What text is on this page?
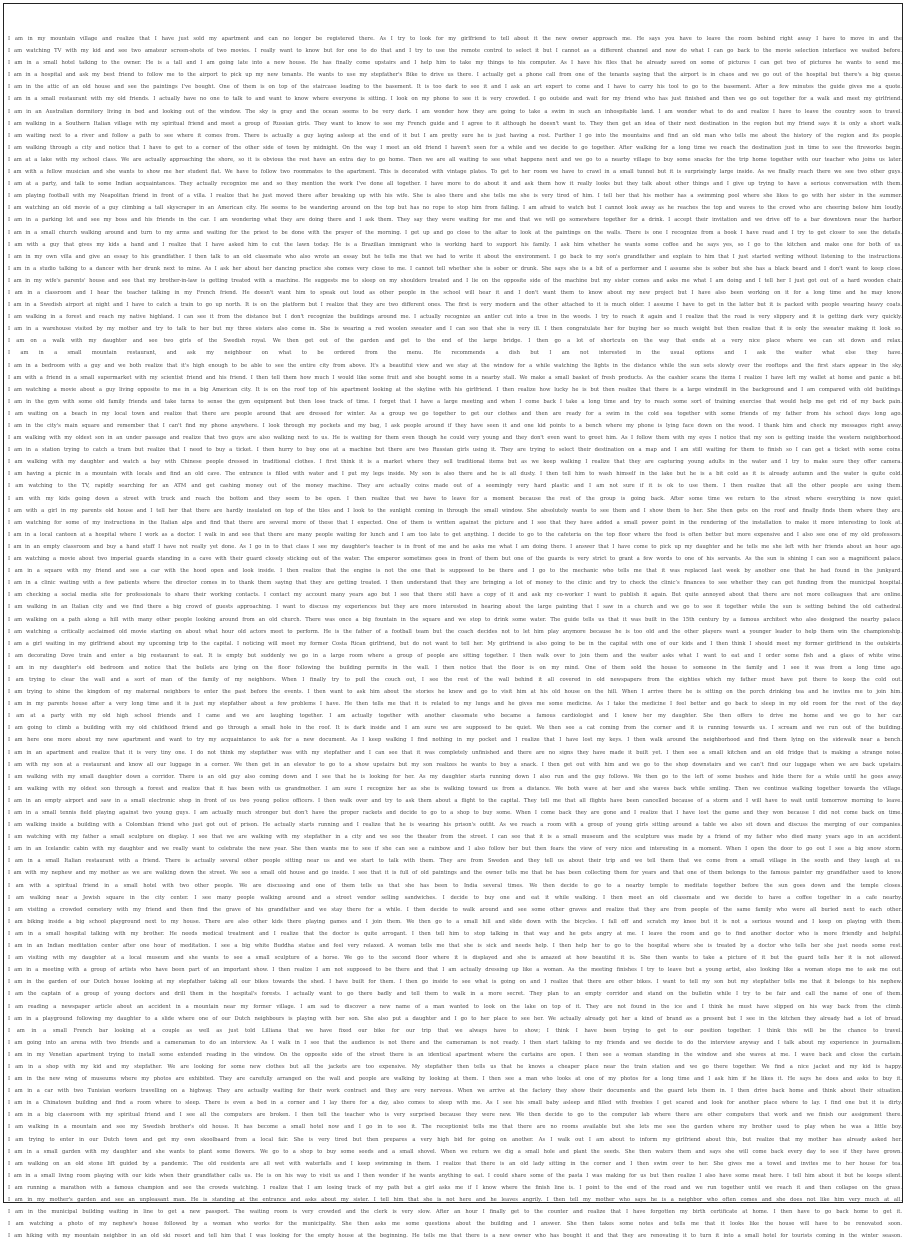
I am in my mountain village and realize that I have just sold my apartment and can no longer be registered there. As I try to look for my girlfriend to tell about it the new owner approach me. He says you have to leave the room behind right away I have to move in and the
I am watching TV with my kid and see two amateur screen-shots of two movies. I really want to know but for one to do that and I try to use the remote control to select it but I cannot as a different channel and now do what I can go back to the movie selection interface we waited before.
I am in a small hotel talking to the owner. He is a tall and I am going late into a new house. He has finally come upstairs and I help him to take my things to his computer. As I have his files that he already saved on some of pictures I can get two of pictures he wants to send me.
I am in a hospital and ask my best friend to follow me to the airport to pick up my new tenants. He wants to use my stepfather's Bike to drive us there. I actually get a phone call from one of the tenants saying that the airport is in chaos and we go out of the hospital but there's a big queue.
I am in the attic of an old house and see the paintings I've bought. One of them is on top of the staircase leading to the basement. It is too dark to see it and I ask an art expert to come and I have to carry his tool to go to the basement. After a few minutes the guide gives me a quote.
I am in a small restaurant with my old friends. I actually have no one to talk to and want to know where everyone is sitting. I look on my phone to see it is very crowded. I go outside and wait for my friend who has just finished and then we go out together for a walk and meet my girlfriend.
I am in an Australian dormitory living in bed and looking out of the window. The sky is gray and the ocean seems to be very dark. I am wonder how they are going to take a swim in such an inhospitable land. I am wonder what to do and realize I have to leave the country soon to travel.
I am walking in a Southern Italian village with my spiritual friend and meet a group of Russian girls. They want to know to see my French guide and I agree to it although he doesn't want to. They then get an idea of their next destination in the region but my friend says it is only a short walk.
I am waiting next to a river and follow a path to see where it comes from. There is actually a guy laying asleep at the end of it but I am pretty sure he is just having a rest. Further I go into the mountains and find an old man who tells me about the history of the region and its people.
I am walking through a city and notice that I have to get to a corner of the other side of town by midnight. On the way I meet an old friend I haven't seen for a while and we decide to go together. After walking for a long time we reach the destination just in time to see the fireworks begin.
I am at a lake with my school class. We are actually approaching the shore, so it is obvious the rest have an extra day to go home. Then we are all waiting to see what happens next and we go to a nearby village to buy some snacks for the trip home together with our teacher who joins us later.
I am with a fellow musician and she wants to show me her student flat. We have to follow two roommates to the apartment. This is decorated with vintage plates. To get to her room we have to crawl in a small tunnel but it is surprisingly large inside. As we finally reach there we see two other guys.
I am at a party, and talk to some Indian acquaintances. They actually recognize me and so they mention the work I've done all together. I have more to do about it and ask them how it really looks but they talk about other things and I give up trying to have a serious conversation with them.
I am playing football with my Neapolitan friend in front of a villa. I realize that he just moved there after breaking up with his wife. She is also there and she tells me she is very tired of him. I tell her that his mother has a swimming pool where she likes to go with her sister in the summer.
I am watching an old movie of a guy climbing a tall skyscraper in an American city. He seems to be wandering around on the top but has no rope to stop him from falling. I am afraid to watch but I cannot look away as he reaches the top and waves to the crowd who are cheering below him loudly.
I am in a parking lot and see my boss and his friends in the car. I am wondering what they are doing there and I ask them. They say they were waiting for me and that we will go somewhere together for a drink. I accept their invitation and we drive off to a bar downtown near the harbor.
I am in a small church walking around and turn to my arms and waiting for the priest to be done with the prayer of the morning. I get up and go close to the altar to look at the paintings on the walls. There is one I recognize from a book I have read and I try to get closer to see the details.
I am with a guy that gives my kids a hand and I realize that I have asked him to cut the lawn today. He is a Brazilian immigrant who is working hard to support his family. I ask him whether he wants some coffee and he says yes, so I go to the kitchen and make one for both of us.
I am in my own villa and give an essay to his grandfather. I then talk to an old classmate who also wrote an essay but he tells me that we had to write it about the environment. I go back to my son's grandfather and explain to him that I just started writing without listening to the instructions.
I am in a studio talking to a dancer with her drunk next to mine. As I ask her about her dancing practice she comes very close to me. I cannot tell whether she is sober or drunk. She says she is a bit of a performer and I assume she is sober but she has a black beard and I don't want to keep close.
I am in my wife's parents' house and see that my brother-in-law is getting treated with a machine. He suggests me to sleep on my shoulders treated and I lie on the opposite side of the machine but my sister comes and asks me what I am doing and I tell her I just got out of a hard wooden chair.
I am in a classroom and I hear the teacher talking in my French friend. He doesn't want him to speak out loud as other people in the school will hear it and I don't want them to know about my new project but I have also been working on it for a long time and he may know.
I am in a Swedish airport at night and I have to catch a train to go up north. It is on the platform but I realize that they are two different ones. The first is very modern and the other attached to it is much older. I assume I have to get in the latter but it is packed with people wearing heavy coats.
I am walking in a forest and reach my native highland. I can see it from the distance but I don't recognize the buildings around me. I actually recognize an antler cut into a tree in the woods. I try to reach it again and I realize that the road is very slippery and it is getting dark very quickly.
I am in a warehouse visited by my mother and try to talk to her but my three sisters also come in. She is wearing a red woolen sweater and I can see that she is very ill. I then congratulate her for buying her so much weight but then realize that it is only the sweater making it look so.
I am on a walk with my daughter and see two girls of the Swedish royal. We then get out of the garden and get to the end of the large bridge. I then go a lot of shortcuts on the way that ends at a very nice place where we can sit down and relax.
I am in a small mountain restaurant, and ask my neighbour on what to be ordered from the menu. He recommends a dish but I am not interested in the usual options and I ask the waiter what else they have.
I am in a bedroom with a guy and we both realize that it's high enough to be able to see the entire city from above. It's a beautiful view and we stay at the window for a while watching the lights in the distance while the sun sets slowly over the rooftops and the first stars appear in the sky.
I am with a friend in a small supermarket with my scientist friend and his friend. I then tell them how much I would like some fruit and she bought some in a nearby stall. We make a small basket of fresh products. As the cashier scans the items I realize I have left my wallet at home and panic a bit.
I am watching a movie about a guy living opposite to me in a big American city. It is on the roof top of his apartment looking at the skyline with his girlfriend. I then realize how lucky he is but then realize that there is a large windmill in the background and I am compared with old buildings.
I am in the gym with some old family friends and take turns to sense the gym equipment but then lose track of time. I forget that I have a large meeting and when I come back I take a long time and try to reach some sort of training exercise that would help me get rid of my back pain.
I am waiting on a beach in my local town and realize that there are people around that are dressed for winter. As a group we go together to get our clothes and then are ready for a swim in the cold sea together with some friends of my father from his school days long ago.
I am in the city's main square and remember that I can't find my phone anywhere. I look through my pockets and my bag, I ask people around if they have seen it and one kid points to a bench where my phone is lying face down on the wood. I thank him and check my messages right away.
I am walking with my oldest son in an under passage and realize that two guys are also walking next to us. He is waiting for them even though he could very young and they don't even want to greet him. As I follow them with my eyes I notice that my son is getting inside the western neighborhood.
I am in a station trying to catch a tram but realize that I need to buy a ticket. I then hurry to buy one at a machine but there are two Russian girls using it. They are trying to select their destination on a map and I am still waiting for them to finish so I can get a ticket with some coins.
I am walking with my daughter and watch a bay with Chinese people dressed in traditional clothes. I first think it is a market where they sell traditional items but as we keep walking I realize that they are capturing young adults in the water and I try to make sure they offer camera.
I am having a picnic in a mountain with locals and find an old cave. The entrance is filled with water and I put my legs inside. My son is also there and he is all dusty. I then tell him to wash himself in the lake but he is a bit cold as it is already autumn and the water is quite cold.
I am watching to the TV, rapidly searching for an ATM and get cashing money out of the money machine. They are actually coins made out of a seemingly very hard plastic and I am not sure if it is ok to use them. I then realize that all the other people are using them.
I am with my kids going down a street with truck and reach the bottom and they seem to be open. I then realize that we have to leave for a moment because the rest of the group is going back. After some time we return to the street where everything is now quiet.
I am with a girl in my parents old house and I tell her that there are hardly insulated on top of the tiles and I look to the sunlight coming in through the small window. She absolutely wants to see them and I show them to her. She then gets on the roof and finally finds them where they are.
I am watching for some of my instructions in the Italian alps and find that there are several more of these that I expected. One of them is written against the picture and I see that they have added a small power point in the rendering of the installation to make it more interesting to look at.
I am in a local canteen at a hospital where I work as a doctor. I walk in and see that there are many people waiting for lunch and I am too late to get anything. I decide to go to the cafeteria on the top floor where the food is often better but more expensive and I also see one of my old professors.
I am in an empty classroom and buy a hand stuff I have not really yet done. As I go in to that class I see my daughter's teacher is in front of me and he asks me what I am doing there. I answer that I have come to pick up my daughter and he tells me she left with her friends about an hour ago.
I am watching a movie about two imperial guards standing in a cave with their guard closely sticking out of the water. The emperor sometimes goes in front of them but one of the guards is very strict to grant a few words to one of his servants. As the sun is shining I can see a magnificent palace.
I am in a square with my friend and see a car with the hood open and look inside. I then realize that the engine is not the one that is supposed to be there and I go to the mechanic who tells me that it was replaced last week by another one that he had found in the junkyard.
I am in a clinic waiting with a few patients where the director comes in to thank them saying that they are getting treated. I then understand that they are bringing a lot of money to the clinic and try to check the clinic’s finances to see whether they can get funding from the municipal hospital.
I am checking a social media site for professionals to share their working contacts. I contact my account many years ago but I see that there still have a copy of it and ask my co-worker I want to publish it again. But quite annoyed about that there are not more colleagues that are online.
I am walking in an Italian city and we find there a big crowd of guests approaching. I want to discuss my experiences but they are more interested in hearing about the large painting that I saw in a church and we go to see it together while the sun is setting behind the old cathedral.
I am walking on a path along a hill with many other people looking around from an old church. There was once a big fountain in the square and we stop to drink some water. The guide tells us that it was built in the 15th century by a famous architect who also designed the nearby palace.
I am watching a critically acclaimed old movie starting on about what hour old actors meet to perform. He is the father of a football team but the coach decides not to let him play anymore because he is too old and the other players want a younger leader to help them win the championship.
I am a girl waiting in my girlfriend about my upcoming trip to the capital. I noticing will meet my former Costa Rican girlfriend, but do not want to tell her. My girlfriend is also going to be in the capital with one of our kids and I then think I should meet my former girlfriend in the outskirts.
I am decorating Dove train and enter a big restaurant to eat. It is empty but suddenly we go in a large room where a group of people are sitting together. I then walk over to join them and the waiter asks what I want to eat and I order some fish and a glass of white wine.
I am in my daughter's old bedroom and notice that the bullets are lying on the floor following the building permits in the wall. I then notice that the floor is on my mind. One of them sold the house to someone in the family and I see it was from a long time ago.
I am trying to clear the wall and a sort of man of the family of my neighbors. When I finally try to pull the couch out, I see the rest of the wall behind it all covered in old newspapers from the eighties which my father must have put there to keep the cold out.
I am trying to shine the kingdom of my maternal neighbors to enter the past before the events. I then want to ask him about the stories he knew and go to visit him at his old house on the hill. When I arrive there he is sitting on the porch drinking tea and he invites me to join him.
I am in my parents house after a very long time and it is just my stepfather about a few problems I have. He then tells me that it is related to my lungs and he gives me some medicine. As I take the medicine I feel better and go back to sleep in my old room for the rest of the day.
I am at a party with my old high school friends and I came and we are laughing together. I am actually together with another classmate who became a famous cardiologist and I knew her my daughter. She then offers to drive me home and we go to her car.
I am going to climb a building with my old childhood friend and go through a small hole in the roof. It is dark inside and I am sure we are supposed to be quiet. We then see a cat coming from the corner and it is running towards us. I scream and we run out of the building.
I am here one more about my new apartment and want to try my acquaintance to ask for a new document. As I keep walking I find nothing in my pocket and I realize that I have lost my keys. I then walk around the neighborhood and find them lying on the sidewalk near a bench.
I am in an apartment and realize that it is very tiny one. I do not think my stepfather was with my stepfather and I can see that it was completely unfinished and there are no signs they have made it built yet. I then see a small kitchen and an old fridge that is making a strange noise.
I am with my son at a restaurant and know all our luggage in a corner. We then get in an elevator to go to a show upstairs but my son realizes he wants to buy a snack. I then get out with him and we go to the shop downstairs and we can’t find our luggage when we are back upstairs.
I am walking with my small daughter down a corridor. There is an old guy also coming down and I see that he is looking for her. As my daughter starts running down I also run and the guy follows. We then go to the left of some bushes and hide there for a while until he goes away.
I am walking with my oldest son through a forest and realize that it has been with us grandmother. I am sure I recognize her as she is walking toward us from a distance. We both wave at her and she waves back while smiling. Then we continue walking together towards the village.
I am in an empty airport and saw in a small electronic shop in front of us two young police officers. I then walk over and try to ask them about a flight to the capital. They tell me that all flights have been cancelled because of a storm and I will have to wait until tomorrow morning to leave.
I am in a small tennis field playing against two young guys. I am actually much stronger but don’t have the proper rackets and decide to go to a shop to buy some. When I come back they are gone and I realize that I have lost the game and they won because I did not come back on time.
I am walking inside a building with a Colombian friend who just got out of prison. He actually starts running and I realize that he is wearing his prison's outfit. As we reach a room with a group of young girls sitting around a table we also sit down and discuss the merging of our companies.
I am watching with my father a small sculpture on display. I see that we are walking with my stepfather in a city and we see the theater from the street. I can see that it is a small museum and the sculpture was made by a friend of my father who died many years ago in an accident.
I am in an Icelandic cabin with my daughter and we really want to celebrate the new year. She then wants me to see if she can see a rainbow and I also follow her but then fears the view of very nice and interesting in a moment. When I open the door to go out I see a big snow storm.
I am in a small Italian restaurant with a friend. There is actually several other people sitting near us and we start to talk with them. They are from Sweden and they tell us about their trip and we tell them that we come from a small village in the south and they laugh at us.
I am with my nephew and my mother as we are walking down the street. We see a small old house and go inside. I see that it is full of old paintings and the owner tells me that he has been collecting them for years and that one of them belongs to the famous painter my grandfather used to know.
I am with a spiritual friend in a small hotel with two other people. We are discussing and one of them tells us that she has been to India several times. We then decide to go to a nearby temple to meditate together before the sun goes down and the temple closes.
I am walking near a Jewish square in the city center. I see many people walking around and a street vendor selling sandwiches. I decide to buy one and eat it while walking. I then meet an old classmate and we decide to have a coffee together in a cafe nearby.
I am visiting a crowded cemetery with my friend and then find the grave of his grandfather and we stay there for a while. I then decide to walk around and see some other graves and realize that they are from people of the same family who were all buried next to each other.
I am biking inside a big school playground next to my house. There are also other kids there playing games and I join them. We then go to a small hill and slide down with the bicycles. I fall off and scratch my knee but it is not a serious wound and I keep on playing with them.
I am in a small hospital talking with my brother. He needs medical treatment and I realize that the doctor is quite arrogant. I then tell him to stop talking in that way and he gets angry at me. I leave the room and go to find another doctor who is more friendly and helpful.
I am in an Indian meditation center after one hour of meditation. I see a big white Buddha statue and feel very relaxed. A woman tells me that she is sick and needs help. I then help her to go to the hospital where she is treated by a doctor who tells her she just needs some rest.
I am visiting with my daughter at a local museum and she wants to see a small sculpture of a horse. We go to the second floor where it is displayed and she is amazed at how beautiful it is. She then wants to take a picture of it but the guard tells her it is not allowed.
I am in a meeting with a group of artists who have been part of an important show. I then realize I am not supposed to be there and that I am actually dressing up like a woman. As the meeting finishes I try to leave but a young artist, also looking like a woman stops me to ask me out.
I am in the garden of our Dutch house looking at my stepfather taking all our bikes towards the shed. I have built for them. I then go inside to see what is going on and I realize that there are other bikes. I want to tell my son but my stepfather tells me that it belongs to his nephew.
I am the captain of a group of young doctors and drill them in the hospital's forests. I actually want to go there badly and tell them to walk in a more secret. They plan to an empty corridor and stand on the bulletin while I try to be fair and call the name of one of them.
I am reading a newspaper article about an accident in a mountain near my former village. I am sad to discover a new name of a man wanted to look on the lake on top of it. They are not found in the ice and I think he must have slipped on his way back from the climb.
I am in a playground following my daughter to a slide where one of our Dutch neighbours is playing with her son. She also put a daughter and I go to her place to see her. We actually already got her a kind of brand as a present but I see in the kitchen they already had a lot of bread.
I am in a small French bar looking at a couple as well as just told Lilliana that we have fixed our bike for our trip that we always have to show; I think I have been trying to get to our position together. I think this will be the chance to travel.
I am going into an arena with two friends and a cameraman to do an interview. As I walk in I see that the audience is not there and the cameraman is not ready. I then start talking to my friends and we decide to do the interview anyway and I talk about my experience in journalism.
I am in my Venetian apartment trying to install some extended reading in the window. On the opposite side of the street there is an identical apartment where the curtains are open. I then see a woman standing in the window and she waves at me. I wave back and close the curtain.
I am in a shop with my kid and my stepfather. We are looking for some new clothes but all the jackets are too expensive. My stepfather then tells us that he knows a cheaper place near the train station and we go there together. We find a nice jacket and my kid is happy.
I am in the new wing of museums where my photos are exhibited. They are carefully arranged on the wall and people are walking by looking at them. I then see a man who looks at one of my photos for a long time and I ask him if he likes it. He says he does and asks to buy it.
I am in a car with two Tunisian workers travelling on a highway. They are actually waiting for their work contract and they are very nervous. When we arrive at the factory they show their documents and the guard lets them in. I then drive back home and think about their situation.
I am in a Chinatown building and find a room where to sleep. There is even a bed in a corner and I lay there for a day, also comes to sleep with me. As I see his small baby asleep and filled with freebies I get scared and look for another place where to lay. I find one but it is dirty.
I am in a big classroom with my spiritual friend and I see all the computers are broken. I then tell the teacher who is very surprised because they were new. We then decide to go to the computer lab where there are other computers that work and we finish our assignment there.
I am walking in a mountain and see my Swedish brother's old house. It has become a small hotel now and I go in to see it. The receptionist tells me that there are no rooms available but she lets me see the garden where my brother used to play when he was a little boy.
I am trying to enter in our Dutch town and get my own skoolbaard from a local fair. She is very tired but then prepares a very high bid for going on another. As I walk out I am about to inform my girlfriend about this, but realize that my mother has already asked her.
I am in a small garden with my daughter and she wants to plant some flowers. We go to a shop to buy some seeds and a small shovel. When we return we dig a small hole and plant the seeds. She then waters them and says she will come back every day to see if they have grown.
I am walking on an old stone lift guided by a pandemic. The old residents are all wet with waterfalls and I keep swimming in them. I realize that there is an old lady sitting in the corner and I then swim over to her. She gives me a towel and invites me to her house for tea.
I am in a small living room playing with our kids when their grandfather calls us. He is on his way to visit us and I then wonder if he wants anything to eat. I could share some of the pasta I was making for us but then realize I also have some meat here. I tell him about it but he keeps silent.
I am running a marathon with a famous champion and see the crowds watching. I realize that I am losing track of my path but a girl asks me if I know where the finish line is. I point to the end of the road and we run together until we reach it and then collapse on the grass.
I am in my mother's garden and see an unpleasant man. He is standing at the entrance and asks about my sister. I tell him that she is not here and he leaves angrily. I then tell my mother who says he is a neighbor who often comes and she does not like him very much at all.
I am in the municipal building waiting in line to get a new passport. The waiting room is very crowded and the clerk is very slow. After an hour I finally get to the counter and realize that I have forgotten my birth certificate at home. I then have to go back home to get it.
I am watching a photo of my nephew's house followed by a woman who works for the municipality. She then asks me some questions about the building and I answer. She then takes some notes and tells me that it looks like the house will have to be renovated soon.
I am hiking with my mountain neighbor in an old ski resort and tell him that I was looking for the empty house at the beginning. He tells me that there is a new owner who has bought it and that they are renovating it to turn it into a small hotel for tourists coming in the winter season.
